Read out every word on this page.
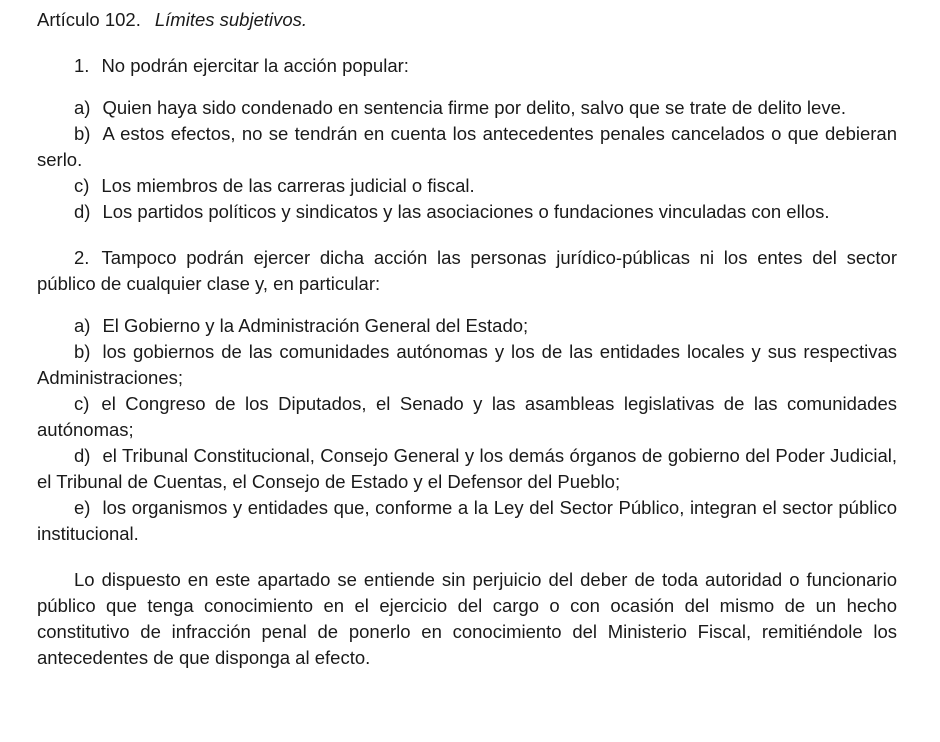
Artículo 102. Límites subjetivos.

1. No podrán ejercitar la acción popular:

a) Quien haya sido condenado en sentencia firme por delito, salvo que se trate de delito leve.

b) A estos efectos, no se tendrán en cuenta los antecedentes penales cancelados o que debieran serlo.

c) Los miembros de las carreras judicial o fiscal.

d) Los partidos políticos y sindicatos y las asociaciones o fundaciones vinculadas con ellos.

2. Tampoco podrán ejercer dicha acción las personas jurídico-públicas ni los entes del sector público de cualquier clase y, en particular:

a) El Gobierno y la Administración General del Estado;

b) los gobiernos de las comunidades autónomas y los de las entidades locales y sus respectivas Administraciones;

c) el Congreso de los Diputados, el Senado y las asambleas legislativas de las comunidades autónomas;

d) el Tribunal Constitucional, Consejo General y los demás órganos de gobierno del Poder Judicial, el Tribunal de Cuentas, el Consejo de Estado y el Defensor del Pueblo;

e) los organismos y entidades que, conforme a la Ley del Sector Público, integran el sector público institucional.

Lo dispuesto en este apartado se entiende sin perjuicio del deber de toda autoridad o funcionario público que tenga conocimiento en el ejercicio del cargo o con ocasión del mismo de un hecho constitutivo de infracción penal de ponerlo en conocimiento del Ministerio Fiscal, remitiéndole los antecedentes de que disponga al efecto.
